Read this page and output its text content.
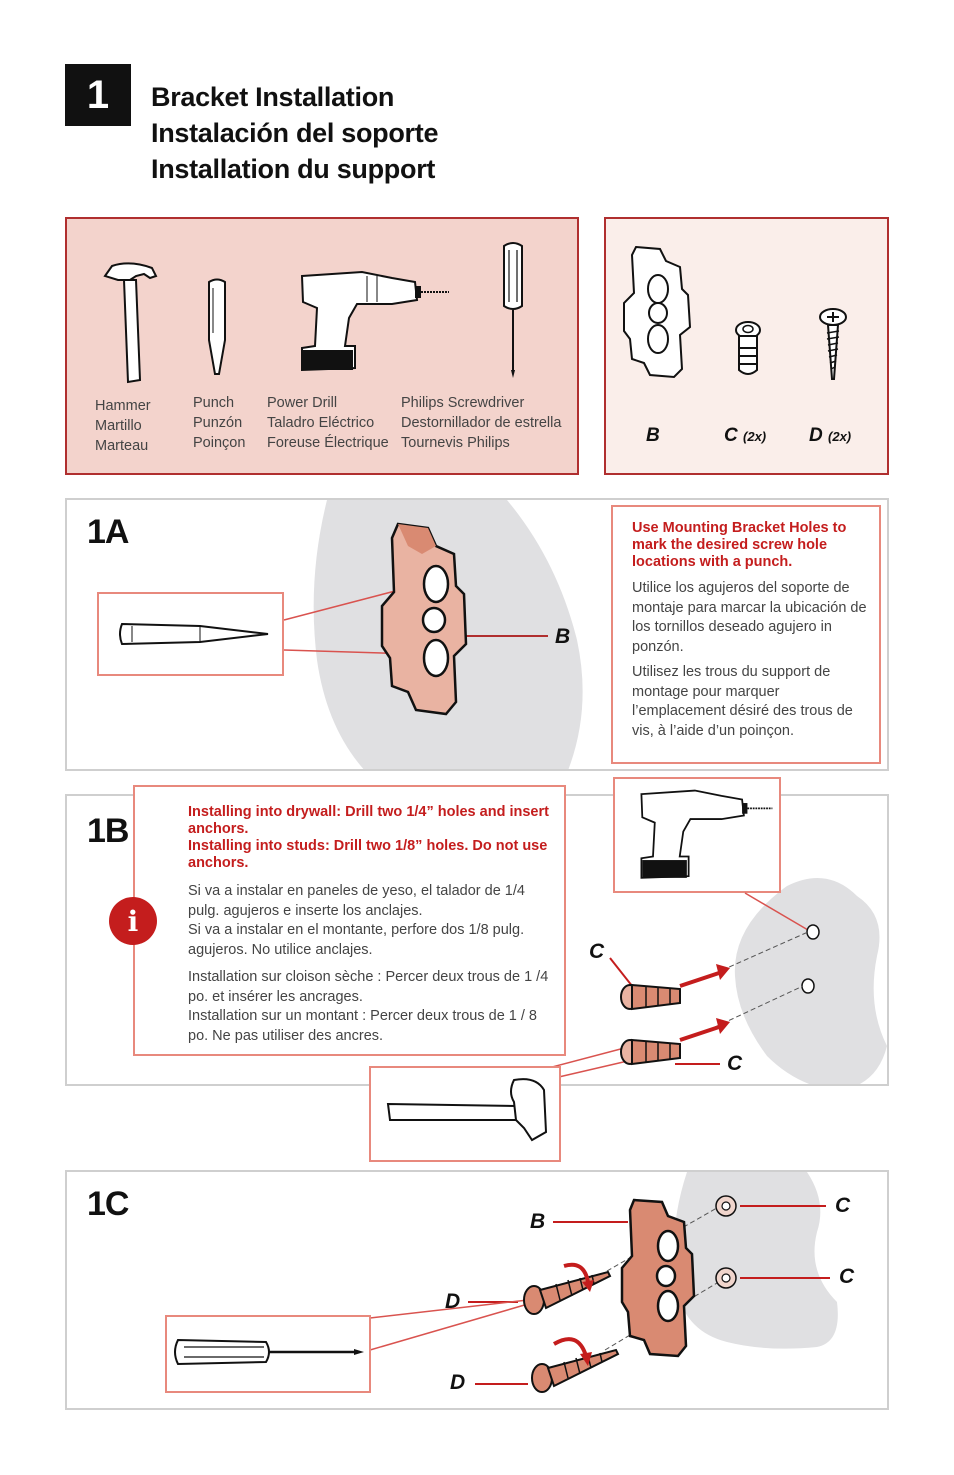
1	Bracket Installation
Instalación del soporte
Installation du support
Hammer
Martillo
Marteau
Punch
Punzón
Poinçon
Power Drill
Taladro Eléctrico
Foreuse Électrique
Philips Screwdriver
Destornillador de estrella
Tournevis Philips	B	C (2x) D (2x)
1A
B
Use Mounting Bracket Holes to mark the desired screw hole locations with a punch.
Utilice los agujeros del soporte de montaje para marcar la ubicación de los tornillos deseado agujero in ponzón.
Utilisez les trous du support de montage pour marquer l’emplacement désiré des trous de vis, à l’aide d’un poinçon.
1B	Installing into drywall: Drill two 1/4” holes and insert anchors.
Installing into studs: Drill two 1/8” holes. Do not use anchors.
Si va a instalar en paneles de yeso, el talador de 1/4 pulg. agujeros e inserte los anclajes.
Si va a instalar en el montante, perfore dos 1/8 pulg. agujeros. No utilice anclajes.
Installation sur cloison sèche : Percer deux trous de 1 /4 po. et insérer les ancrages.
Installation sur un montant : Percer deux trous de 1 / 8 po. Ne pas utiliser des ancres.
i
C
C
1C	B
C
C
D
D
